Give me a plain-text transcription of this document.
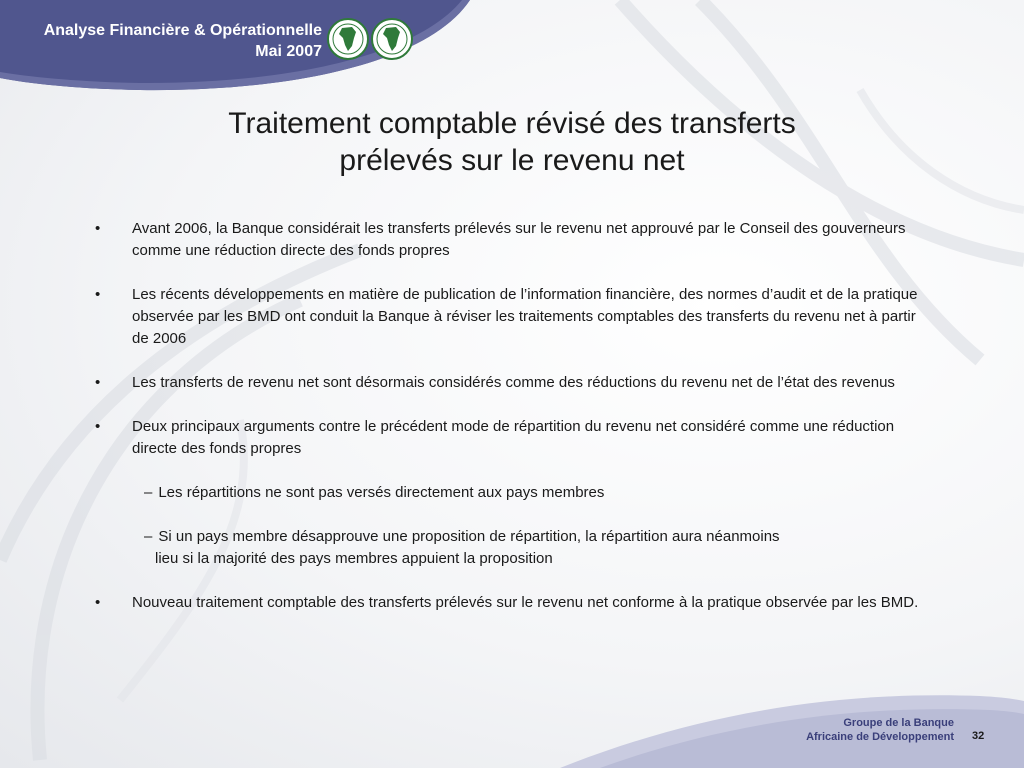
Analyse Financière & Opérationnelle
Mai 2007
Traitement comptable révisé des transferts
prélevés sur le revenu net
• Avant 2006, la Banque considérait les transferts prélevés sur le revenu net approuvé par le Conseil des gouverneurs comme une réduction directe des fonds propres
• Les récents développements en matière de publication de l’information financière, des normes d’audit et de la pratique observée par les BMD ont conduit la Banque à réviser les traitements comptables des transferts du revenu net à partir de 2006
• Les transferts de revenu net sont désormais considérés comme des réductions du revenu net de l’état des revenus
• Deux principaux arguments contre le précédent mode de répartition du revenu net considéré comme une réduction directe des fonds propres
– Les répartitions ne sont pas versés directement aux pays membres
– Si un pays membre désapprouve une proposition de répartition, la répartition aura néanmoins
lieu si la majorité des pays membres appuient la proposition
• Nouveau traitement comptable des transferts prélevés sur le revenu net conforme à la pratique observée par les BMD.
Groupe de la Banque
Africaine de Développement 32
